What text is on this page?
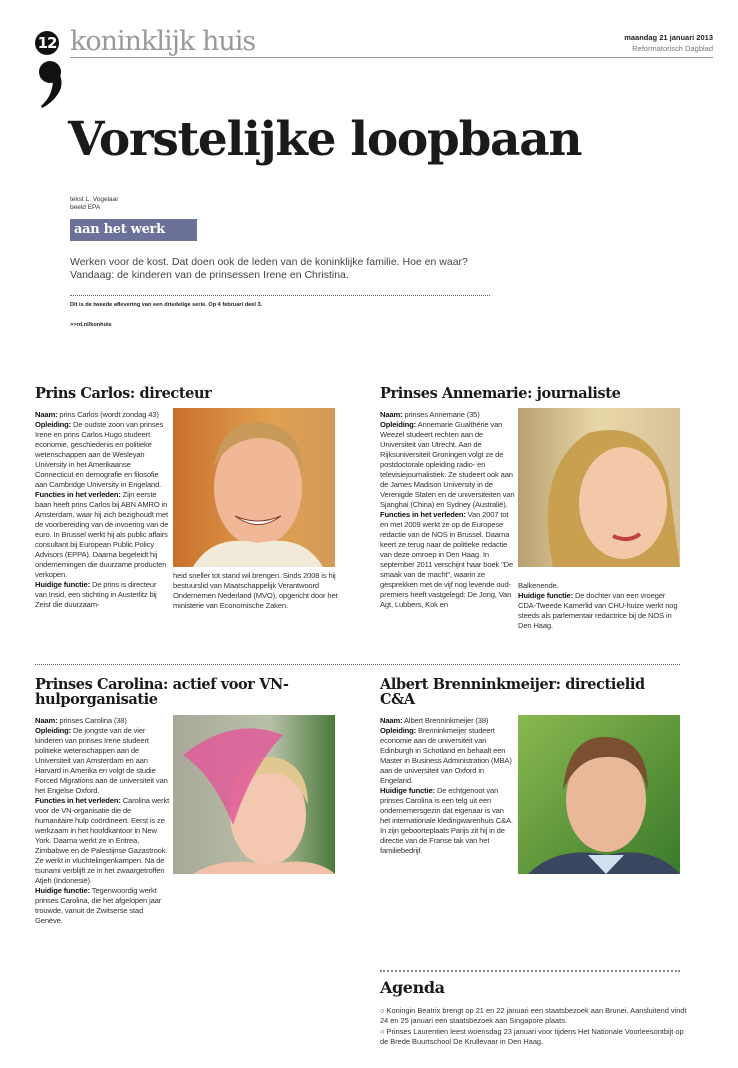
12 koninklijk huis	maandag 21 januari 2013
Reformatorisch Dagblad
Vorstelijke loopbaan
tekst L. Vogelaar
beeld EPA
aan het werk
Werken voor de kost. Dat doen ook de leden van de koninklijke familie. Hoe en waar? Vandaag: de kinderen van de prinsessen Irene en Christina.
Dit is de tweede aflevering van een driedelige serie. Op 4 februari deel 3.
>>rd.nl/konhuis
Prins Carlos: directeur

Naam: prins Carlos (wordt zondag 43)

Opleiding: De oudste zoon van prinses Irene en prins Carlos Hugo studeert economie, geschiedenis en politieke wetenschappen aan de Wesleyan University in het Amerikaanse Connecticut en demografie en filosofie aan Cambridge University in Engeland.

Functies in het verleden: Zijn eerste baan heeft prins Carlos bij ABN AMRO in Amsterdam, waar hij zich bezighoudt met de voorbereiding van de invoering van de euro. In Brussel werkt hij als public affairs consultant bij European Public Policy Advisors (EPPA). Daarna begeleidt hij ondernemingen die duurzame producten verkopen.

Huidige functie: De prins is directeur van Insid, een stichting in Austerlitz bij Zeist die duurzaam-

heid sneller tot stand wil brengen. Sinds 2008 is hij bestuurslid van Maatschappelijk Verantwoord Ondernemen Nederland (MVO), opgericht door het ministerie van Economische Zaken.

Prinses Annemarie: journaliste

Naam: prinses Annemarie (35)

Opleiding: Annemarie Gualthérie van Weezel studeert rechten aan de Universiteit van Utrecht. Aan de Rijksuniversiteit Groningen volgt ze de postdoctorale opleiding radio- en televisiejournalistiek. Ze studeert ook aan de James Madison University in de Verenigde Staten en de universiteiten van Sjanghai (China) en Sydney (Australië).

Functies in het verleden: Van 2007 tot en met 2009 werkt ze op de Europese redactie van de NOS in Brussel. Daarna keert ze terug naar de politieke redactie van deze omroep in Den Haag. In september 2011 verschijnt haar boek "De smaak van de macht", waarin ze gesprekken met de vijf nog levende oud-premiers heeft vastgelegd: De Jong, Van Agt, Lubbers, Kok en

Balkenende.

Huidige functie: De dochter van een vroeger CDA-Tweede Kamerlid van CHU-huize werkt nog steeds als parlementair redactrice bij de NOS in Den Haag.

Prinses Carolina: actief voor VN-hulporganisatie

Naam: prinses Carolina (38)

Opleiding: De jongste van de vier kinderen van prinses Irene studeert politieke wetenschappen aan de Universiteit van Amsterdam en aan Harvard in Amerika en volgt de studie Forced Migrations aan de universiteit van het Engelse Oxford.

Functies in het verleden: Carolina werkt voor de VN-organisatie die de humanitaire hulp coördineert. Eerst is ze werkzaam in het hoofdkantoor in New York. Daarna werkt ze in Eritrea, Zimbabwe en de Palestijnse Gazastrook. Ze werkt in vluchtelingenkampen. Na de tsunami verblijft ze in het zwaargetroffen Atjeh (Indonesië).

Huidige functie: Tegenwoordig werkt prinses Carolina, die het afgelopen jaar trouwde, vanuit de Zwitserse stad Genève.

Albert Brenninkmeijer: directielid C&A

Naam: Albert Brenninkmeijer (38)

Opleiding: Brenninkmeijer studeert economie aan de universiteit van Edinburgh in Schotland en behaalt een Master in Business Administration (MBA) aan de universiteit van Oxford in Engeland.

Huidige functie: De echtgenoot van prinses Carolina is een telg uit een ondernemersgezin dat eigenaar is van het internationale kledingwarenhuis C&A. In zijn geboorteplaats Parijs zit hij in de directie van de Franse tak van het familiebedrijf.

Agenda
○ Koningin Beatrix brengt op 21 en 22 januari een staatsbezoek aan Brunei. Aansluitend vindt 24 en 25 januari een staatsbezoek aan Singapore plaats.
○ Prinses Laurentien leest woensdag 23 januari voor tijdens Het Nationale Voorleesontbijt op de Brede Buurtschool De Krullevaar in Den Haag.
